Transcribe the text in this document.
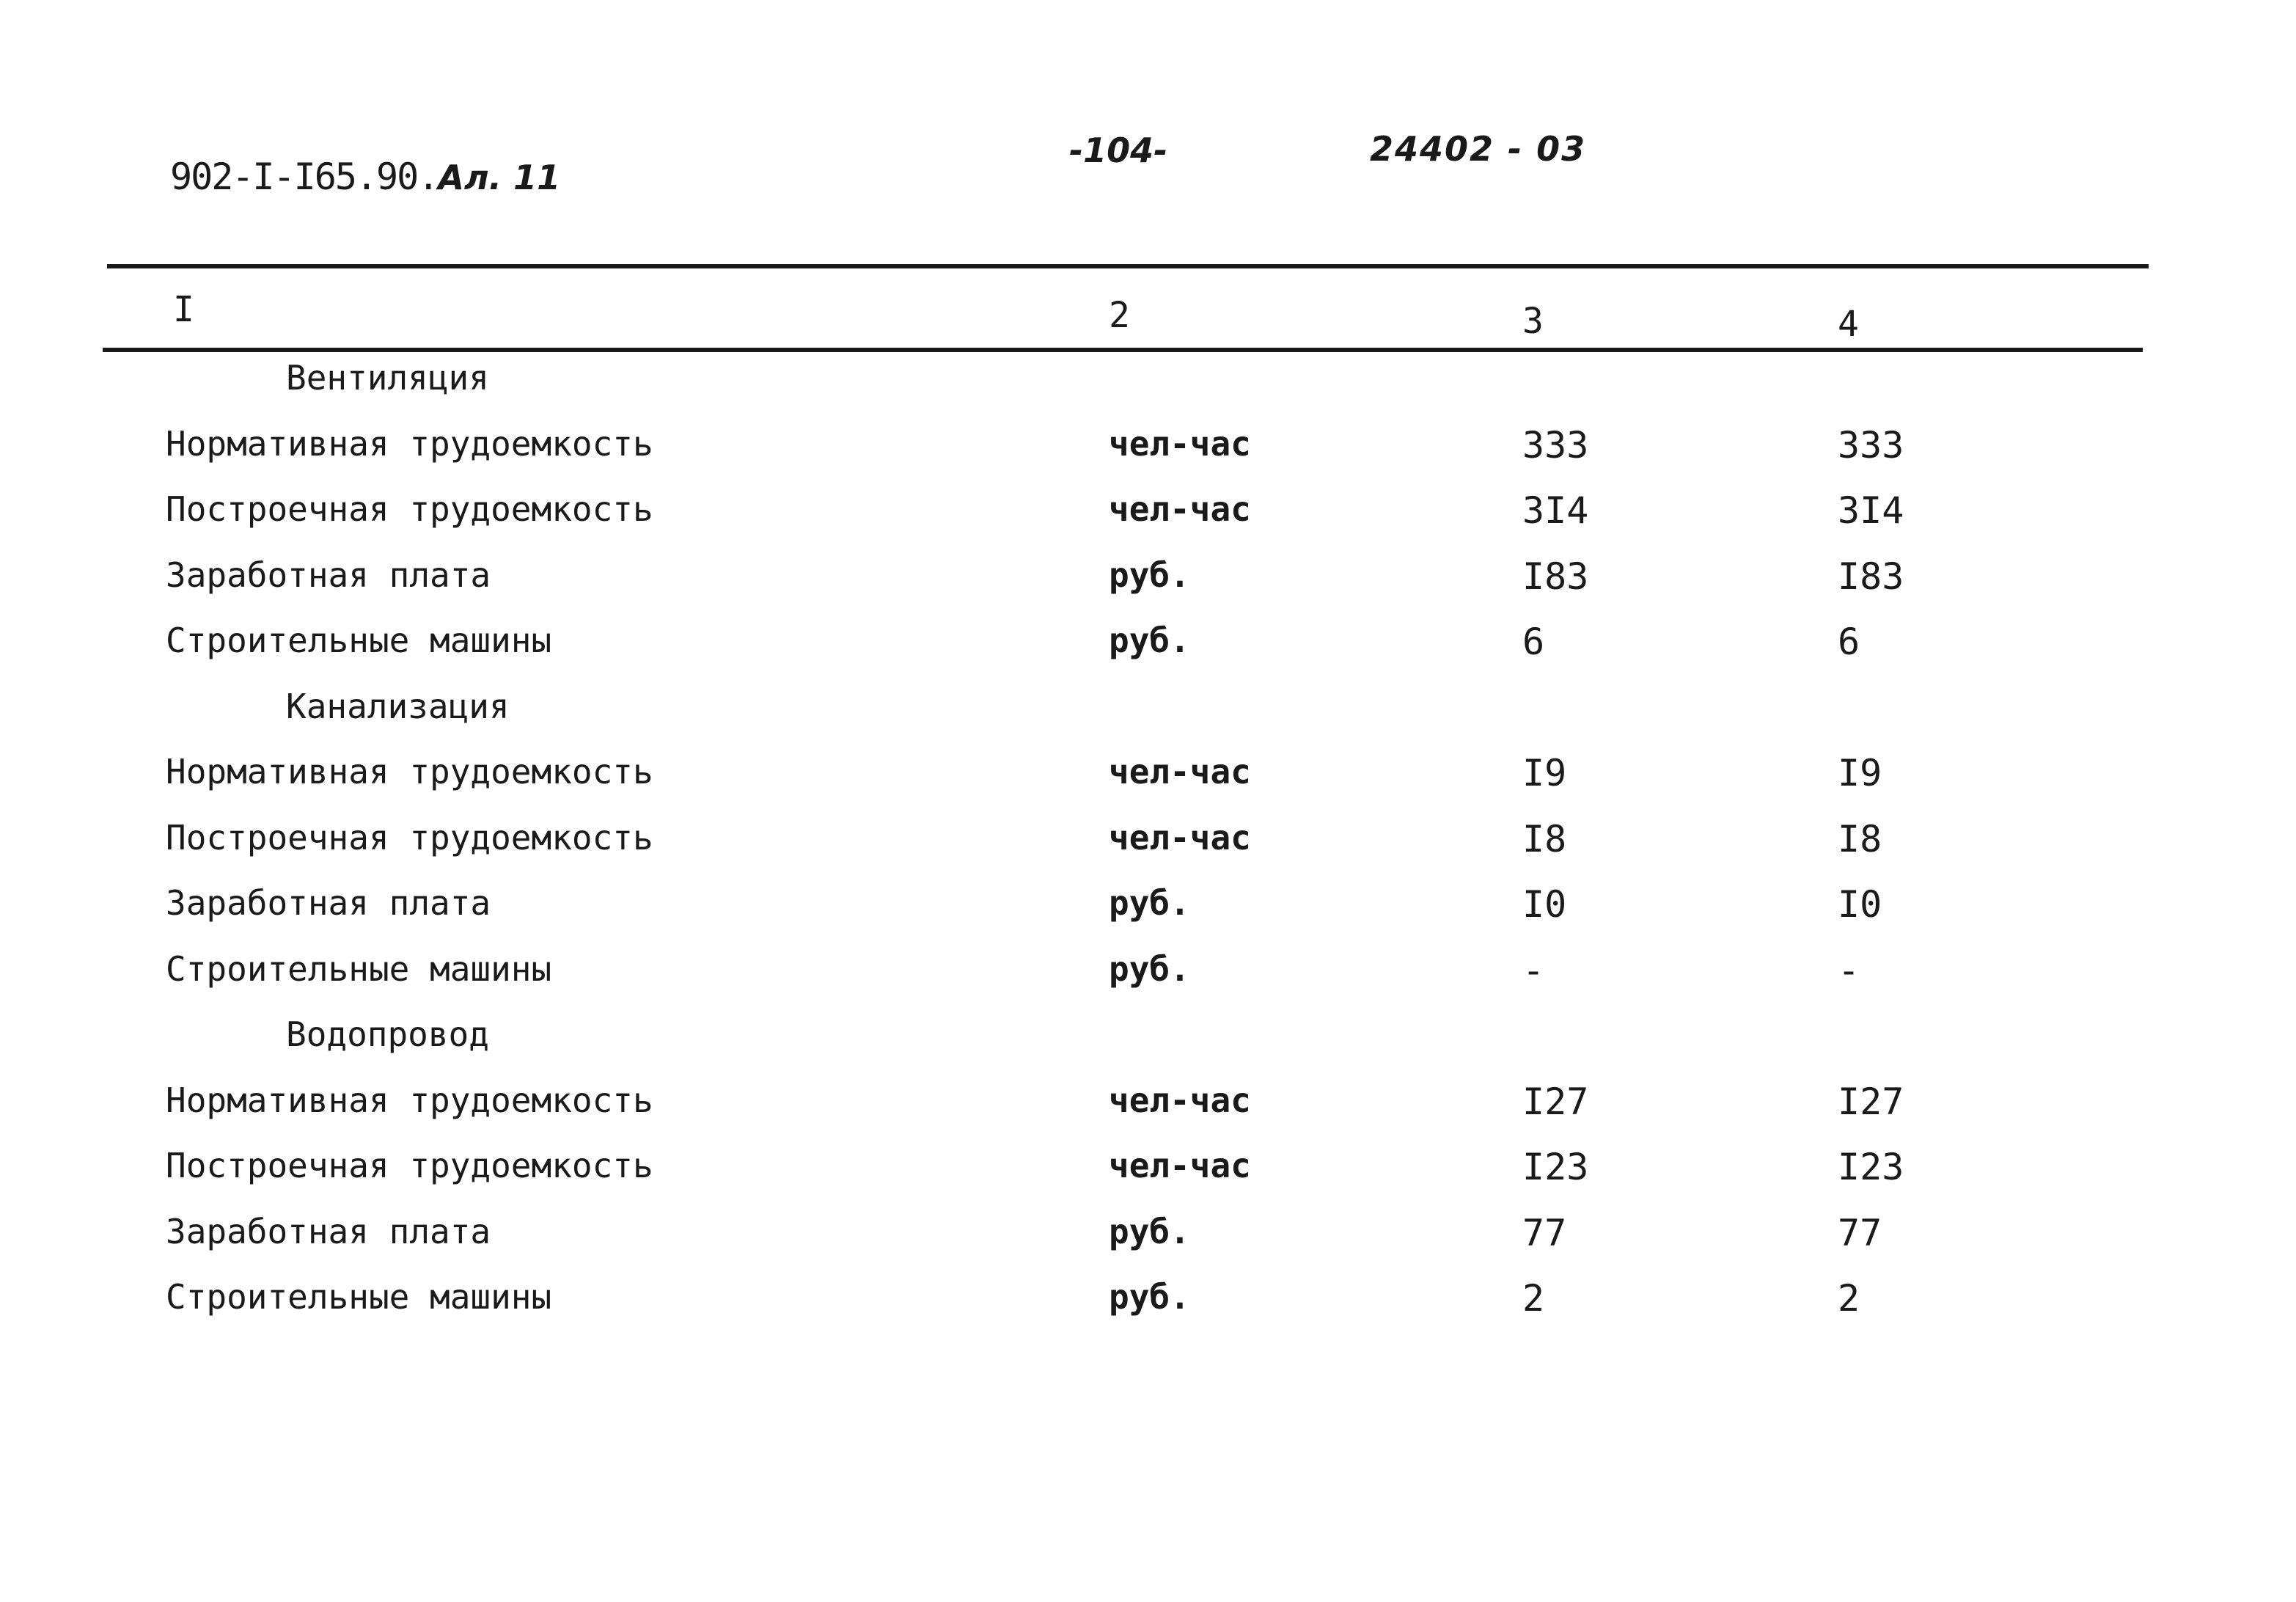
902-I-I65.90.Ал. 11
-104-	24402 - 03
I	2	3	4
Вентиляция
Нормативная трудоемкость	чел-час	333	333
Построечная трудоемкость	чел-час	3I4	3I4
Заработная плата	руб.	I83	I83
Строительные машины	руб.	6	6
Канализация
Нормативная трудоемкость	чел-час	I9	I9
Построечная трудоемкость	чел-час	I8	I8
Заработная плата	руб.	I0	I0
Строительные машины	руб.	-	-
Водопровод
Нормативная трудоемкость	чел-час	I27	I27
Построечная трудоемкость	чел-час	I23	I23
Заработная плата	руб.	77	77
Строительные машины	руб.	2	2
